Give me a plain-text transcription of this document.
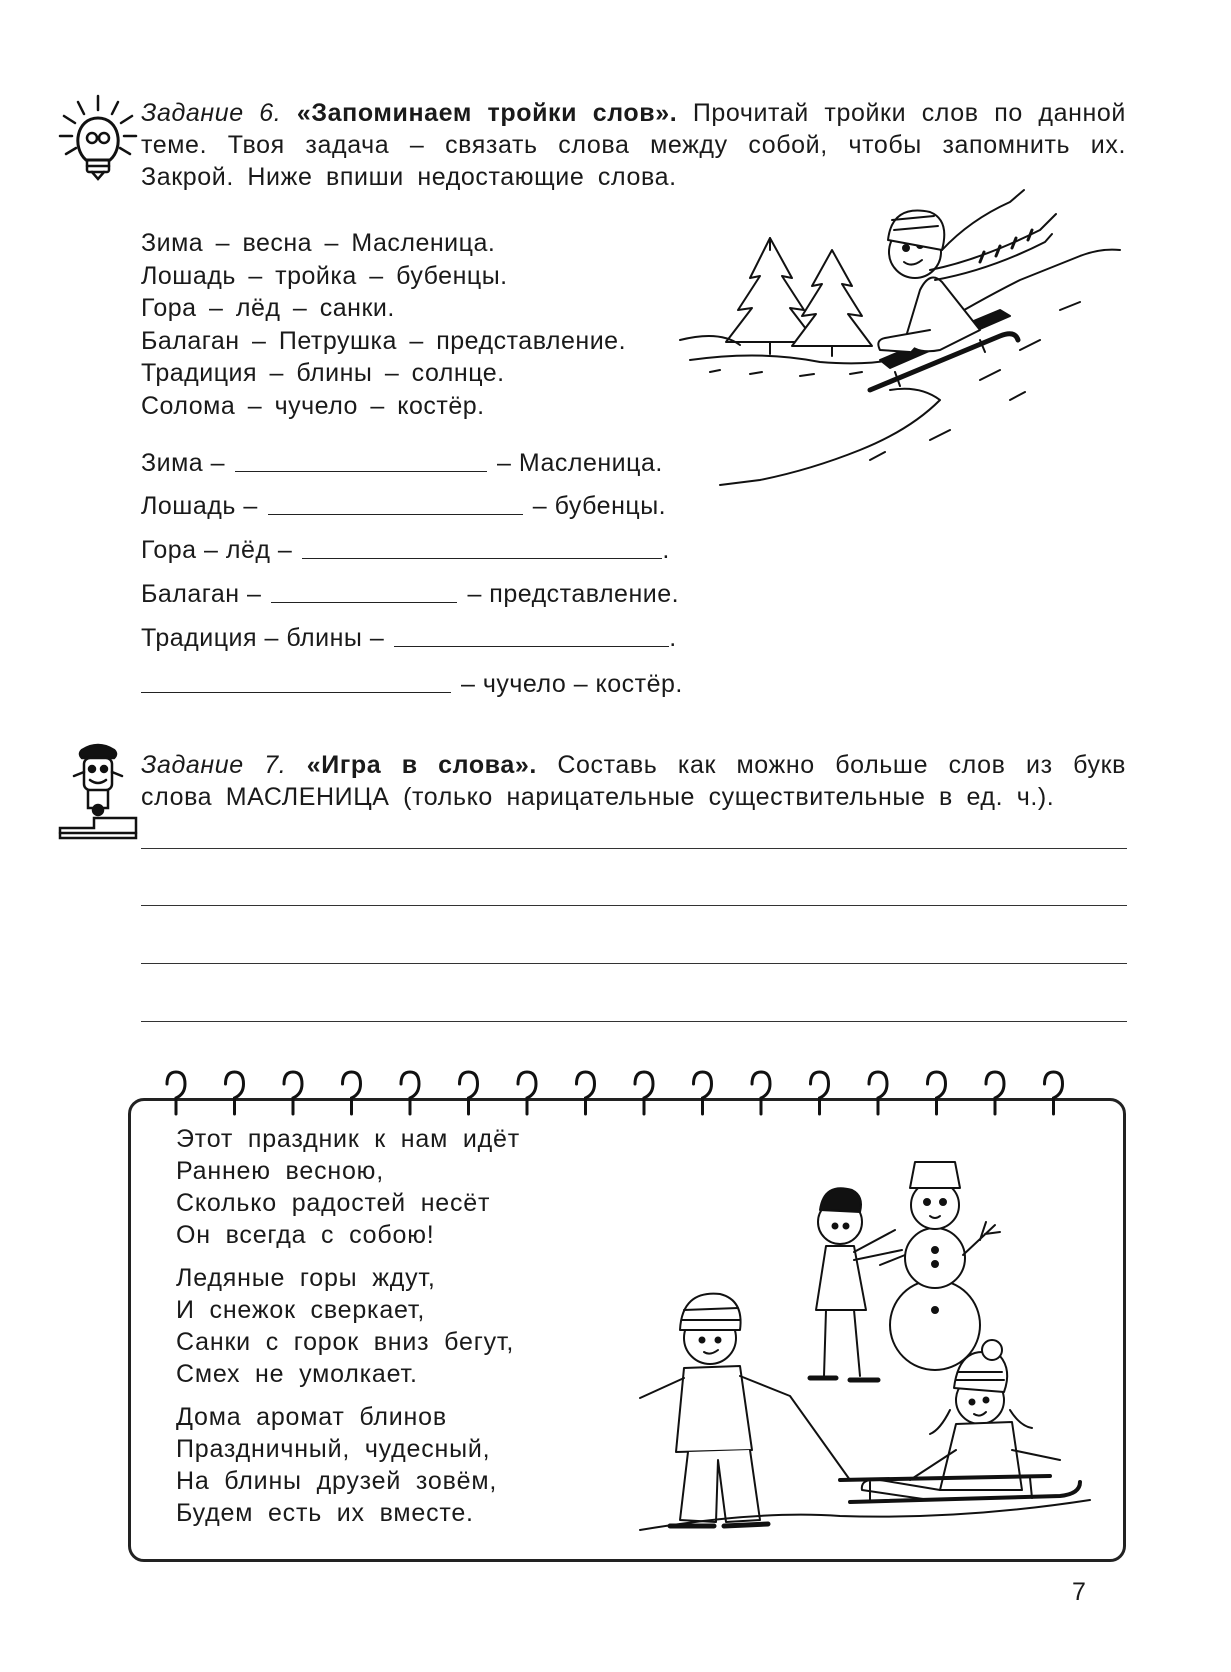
Задание 6. «Запоминаем тройки слов». Прочитай тройки слов по данной теме. Твоя задача – связать слова между собой, чтобы запомнить их. Закрой. Ниже впиши недостающие слова.
Зима – весна – Масленица.
Лошадь – тройка – бубенцы.
Гора – лёд – санки.
Балаган – Петрушка – представление.
Традиция – блины – солнце.
Солома – чучело – костёр.
Зима –	– Масленица.
Лошадь –	– бубенцы.
Гора – лёд –	.
Балаган –	– представление.
Традиция – блины –	.
– чучело – костёр.
Задание 7. «Игра в слова». Составь как можно больше слов из букв слова МАСЛЕНИЦА (только нарицательные существительные в ед. ч.).
Этот праздник к нам идёт
Раннею весною,
Сколько радостей несёт
Он всегда с собою!
Ледяные горы ждут,
И снежок сверкает,
Санки с горок вниз бегут,
Смех не умолкает.
Дома аромат блинов
Праздничный, чудесный,
На блины друзей зовём,
Будем есть их вместе.
7
